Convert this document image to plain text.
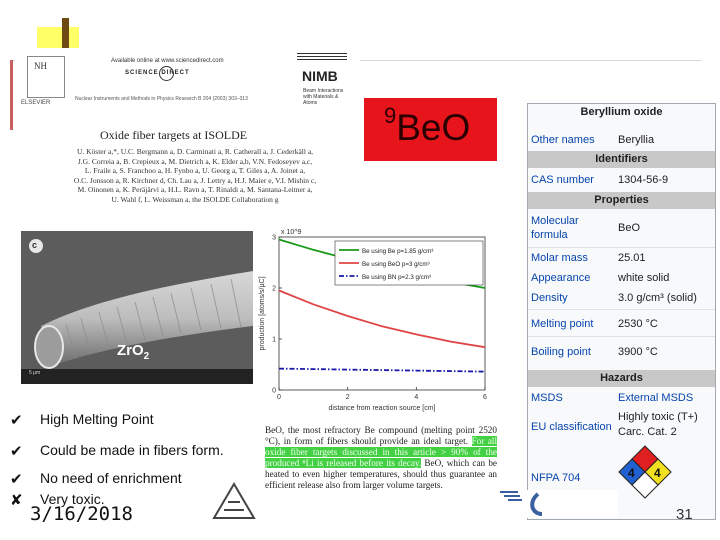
NH
ELSEVIER
Available online at www.sciencedirect.com
SCIENCE DIRECT
Nuclear Instruments and Methods in Physics Research B 204 (2003) 303–313
NIMB
Beam Interactions with Materials & Atoms
Oxide fiber targets at ISOLDE
U. Köster a,*, U.C. Bergmann a, D. Carminati a, R. Catherall a, J. Cederkäll a,
J.G. Correia a, B. Crepieux a, M. Dietrich a, K. Elder a,b, V.N. Fedoseyev a,c,
L. Fraile a, S. Franchoo a, H. Fynbo a, U. Georg a, T. Giles a, A. Joinet a,
O.C. Jonsson a, R. Kirchner d, Ch. Lau a, J. Lettry a, H.J. Maier e, V.I. Mishin c,
M. Oinonen a, K. Peräjärvi a, H.L. Ravn a, T. Rinaldi a, M. Santana-Leitner a,
U. Wahl f, L. Weissman a, the ISOLDE Collaboration g
c
ZrO$_2$
5 μm
$^9$BeO
0	2	4	6
0
1
2
3
x 10^9
distance from reaction source [cm]
production [atoms/s/µC]
Be using Be p=1.85 g/cm³
Be using BeO p=3 g/cm³
Be using BN p=2.3 g/cm³
Beryllium oxide
Other names Beryllia
Identifiers
CAS number 1304-56-9
Properties
Molecular
formula
BeO
Molar mass	25.01
Appearance	white solid
Density	3.0 g/cm³ (solid)
Melting point 2530 °C
Boiling point 3900 °C
Hazards
MSDS	External MSDS
EU classification
Highly toxic (T+)
Carc. Cat. 2
NFPA 704	4 4
BeO, the most refractory Be compound (melting point 2520 °C), in form of fibers should provide an ideal target. For all oxide fiber targets discussed in this article > 90% of the produced ⁸Li is released before its decay. BeO, which can be heated to even higher temperatures, should thus guarantee an efficient release also from larger volume targets.
✔ High Melting Point
✔ Could be made in fibers form.
✔ No need of enrichment
✘ Very toxic.
3/16/2018	31
